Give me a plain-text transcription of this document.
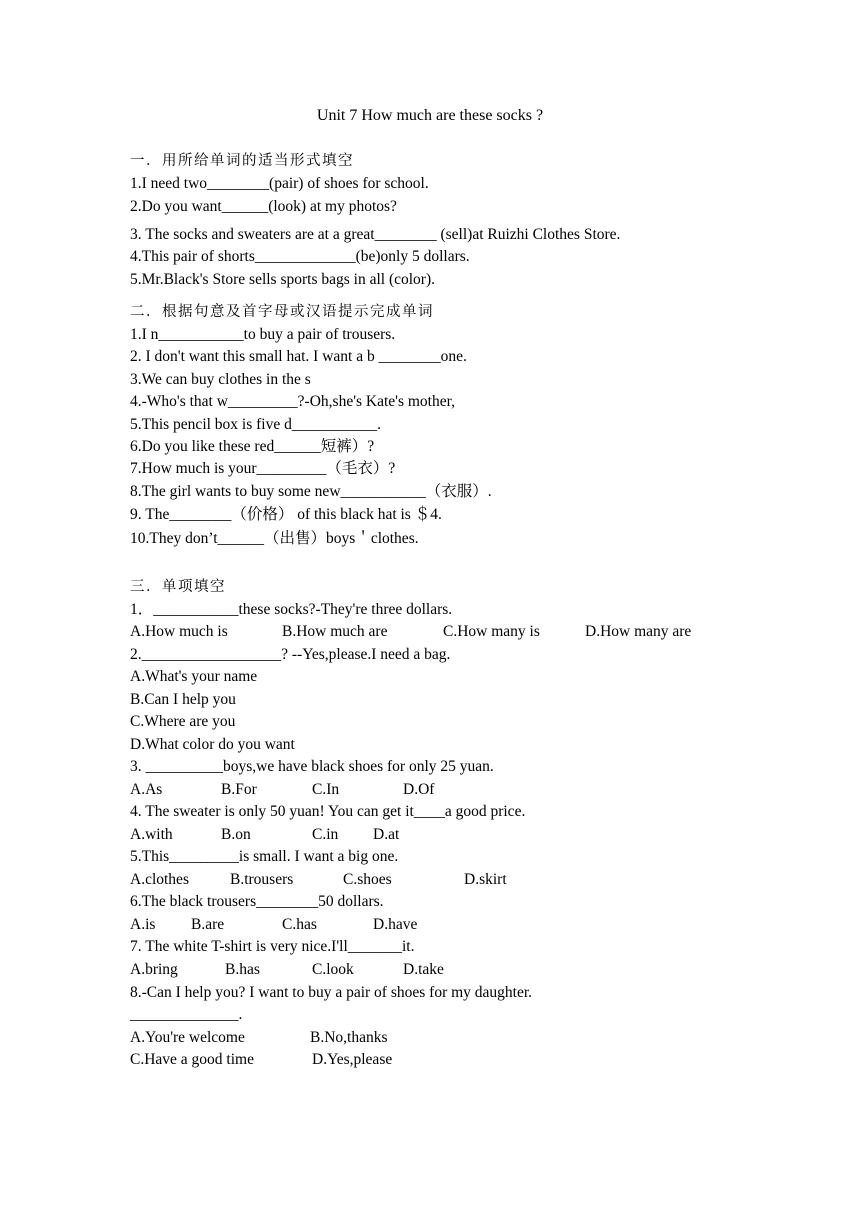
Unit 7 How much are these socks ?
一．用所给单词的适当形式填空
1.I need two________(pair) of shoes for school.
2.Do you want______(look) at my photos?
3. The socks and sweaters are at a great________ (sell)at Ruizhi Clothes Store.
4.This pair of shorts_____________(be)only 5 dollars.
5.Mr.Black's Store sells sports bags in all (color).
二．根据句意及首字母或汉语提示完成单词
1.I n___________to buy a pair of trousers.
2. I don't want this small hat. I want a b ________one.
3.We can buy clothes in the s
4.-Who's that w_________?-Oh,she's Kate's mother,
5.This pencil box is five d___________.
6.Do you like these red______短裤）?
7.How much is your_________（毛衣）?
8.The girl wants to buy some new___________（衣服）.
9. The________（价格） of this black hat is ＄4.
10.They don’t______（出售）boys＇clothes.
三．单项填空
1．___________these socks?-They're three dollars.

A.How much is

	B.How much are

	C.How many is

	D.How many are

2.__________________? --Yes,please.I need a bag.
A.What's your name
B.Can I help you
C.Where are you
D.What color do you want
3. __________boys,we have black shoes for only 25 yuan.

A.As

	B.For

	C.In

	D.Of

4. The sweater is only 50 yuan! You can get it____a good price.

A.with

	B.on

	C.in

D.at

5.This_________is small. I want a big one.

A.clothes

	B.trousers

	C.shoes

	D.skirt

6.The black trousers________50 dollars.

A.is

B.are

	C.has

	D.have

7. The white T-shirt is very nice.I'll_______it.

A.bring

	B.has

	C.look

	D.take

8.-Can I help you? I want to buy a pair of shoes for my daughter.
______________.

A.You're welcome

	B.No,thanks

C.Have a good time

	D.Yes,please
